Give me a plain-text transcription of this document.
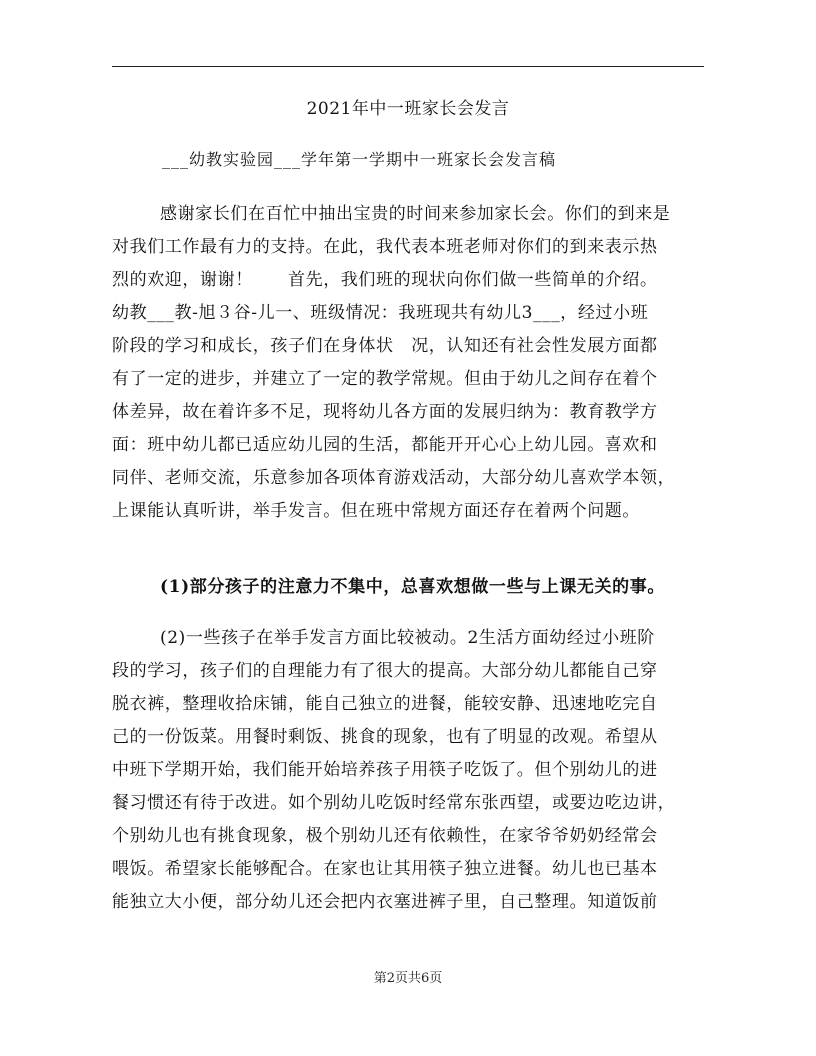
2021年中一班家长会发言
___幼教实验园___学年第一学期中一班家长会发言稿

感谢家长们在百忙中抽出宝贵的时间来参加家长会。你们的到来是

对我们工作最有力的支持。在此，我代表本班老师对你们的到来表示热

烈的欢迎，谢谢！　　首先，我们班的现状向你们做一些简单的介绍。

幼教___教-旭３谷-儿一、班级情况：我班现共有幼儿3___，经过小班

阶段的学习和成长，孩子们在身体状　况，认知还有社会性发展方面都

有了一定的进步，并建立了一定的教学常规。但由于幼儿之间存在着个

体差异，故在着许多不足，现将幼儿各方面的发展归纳为：教育教学方

面：班中幼儿都已适应幼儿园的生活，都能开开心心上幼儿园。喜欢和

同伴、老师交流，乐意参加各项体育游戏活动，大部分幼儿喜欢学本领，

上课能认真听讲，举手发言。但在班中常规方面还存在着两个问题。

(1)部分孩子的注意力不集中，总喜欢想做一些与上课无关的事。

(2)一些孩子在举手发言方面比较被动。2生活方面幼经过小班阶

段的学习，孩子们的自理能力有了很大的提高。大部分幼儿都能自己穿

脱衣裤，整理收拾床铺，能自己独立的进餐，能较安静、迅速地吃完自

己的一份饭菜。用餐时剩饭、挑食的现象，也有了明显的改观。希望从

中班下学期开始，我们能开始培养孩子用筷子吃饭了。但个别幼儿的进

餐习惯还有待于改进。如个别幼儿吃饭时经常东张西望，或要边吃边讲，

个别幼儿也有挑食现象，极个别幼儿还有依赖性，在家爷爷奶奶经常会

喂饭。希望家长能够配合。在家也让其用筷子独立进餐。幼儿也已基本

能独立大小便，部分幼儿还会把内衣塞进裤子里，自己整理。知道饭前

第2页共6页
